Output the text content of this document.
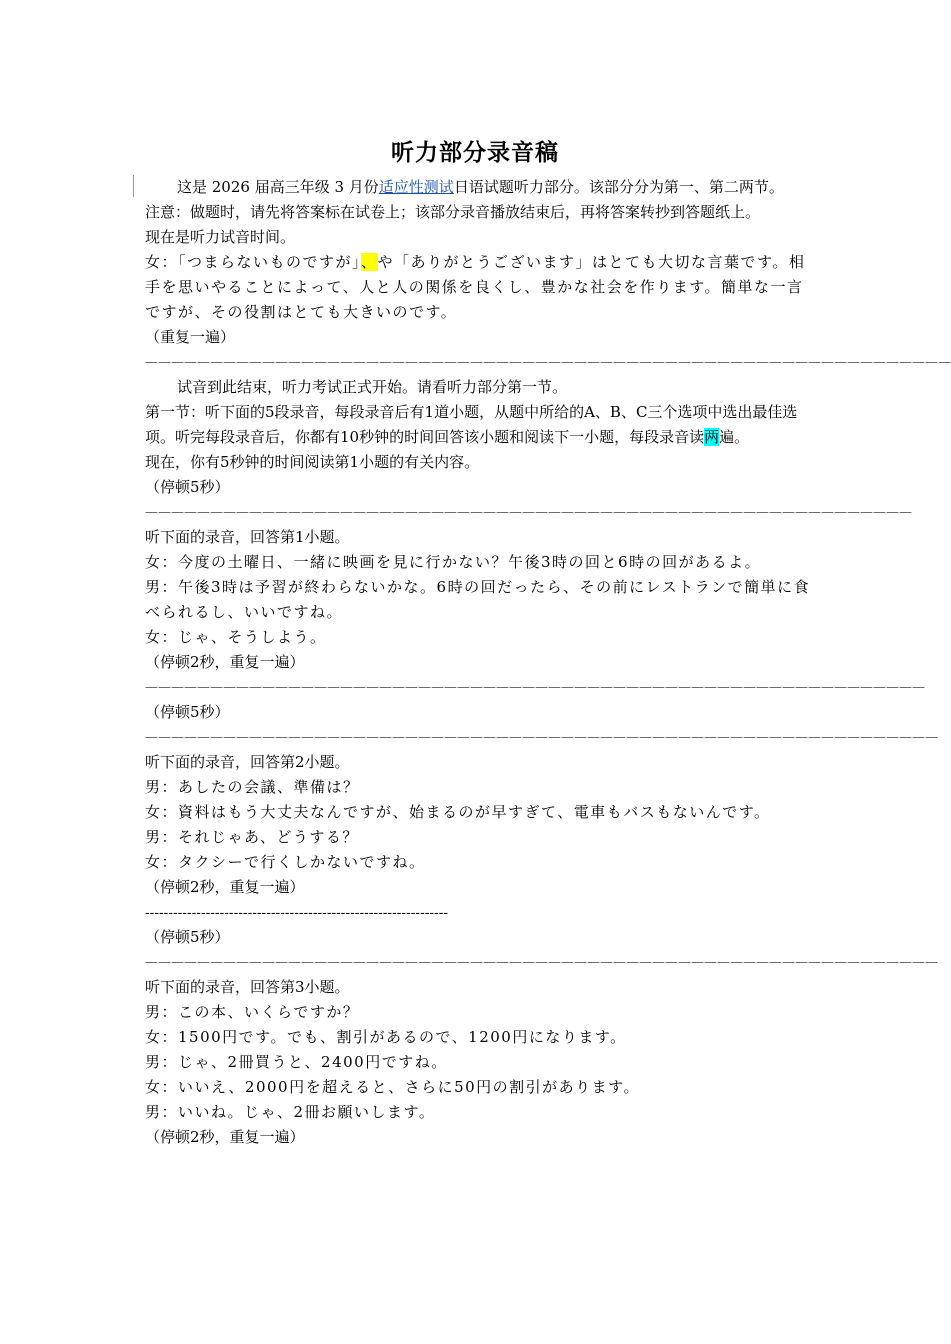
听力部分录音稿

这是 2026 届高三年级 3 月份适应性测试日语试题听力部分。该部分分为第一、第二两节。

注意：做题时，请先将答案标在试卷上；该部分录音播放结束后，再将答案转抄到答题纸上。

现在是听力试音时间。

女：「つまらないものですが」、や「ありがとうございます」はとても大切な言葉です。相手を思いやることによって、人と人の関係を良くし、豊かな社会を作ります。簡単な一言ですが、その役割はとても大きいのです。

（重复一遍）

——————————————————————————————————————————————————————————————

试音到此结束，听力考试正式开始。请看听力部分第一节。

第一节：听下面的5段录音，每段录音后有1道小题，从题中所给的A、B、C三个选项中选出最佳选项。听完每段录音后，你都有10秒钟的时间回答该小题和阅读下一小题，每段录音读两遍。

现在，你有5秒钟的时间阅读第1小题的有关内容。

（停顿5秒）

———————————————————————————————————————————————————————————

听下面的录音，回答第1小题。

女：今度の土曜日、一緒に映画を見に行かない？午後3時の回と6時の回があるよ。

男：午後3時は予習が終わらないかな。6時の回だったら、その前にレストランで簡単に食べられるし、いいですね。

女：じゃ、そうしよう。

（停顿2秒，重复一遍）

————————————————————————————————————————————————————————————

（停顿5秒）

—————————————————————————————————————————————————————————————

听下面的录音，回答第2小题。

男：あしたの会議、準備は？

女：資料はもう大丈夫なんですが、始まるのが早すぎて、電車もバスもないんです。

男：それじゃあ、どうする？

女：タクシーで行くしかないですね。

（停顿2秒，重复一遍）

-----------------------------------------------------------------

（停顿5秒）

—————————————————————————————————————————————————————————————

听下面的录音，回答第3小题。

男：この本、いくらですか？

女：1500円です。でも、割引があるので、1200円になります。

男：じゃ、2冊買うと、2400円ですね。

女：いいえ、2000円を超えると、さらに50円の割引があります。

男：いいね。じゃ、2冊お願いします。

（停顿2秒，重复一遍）
